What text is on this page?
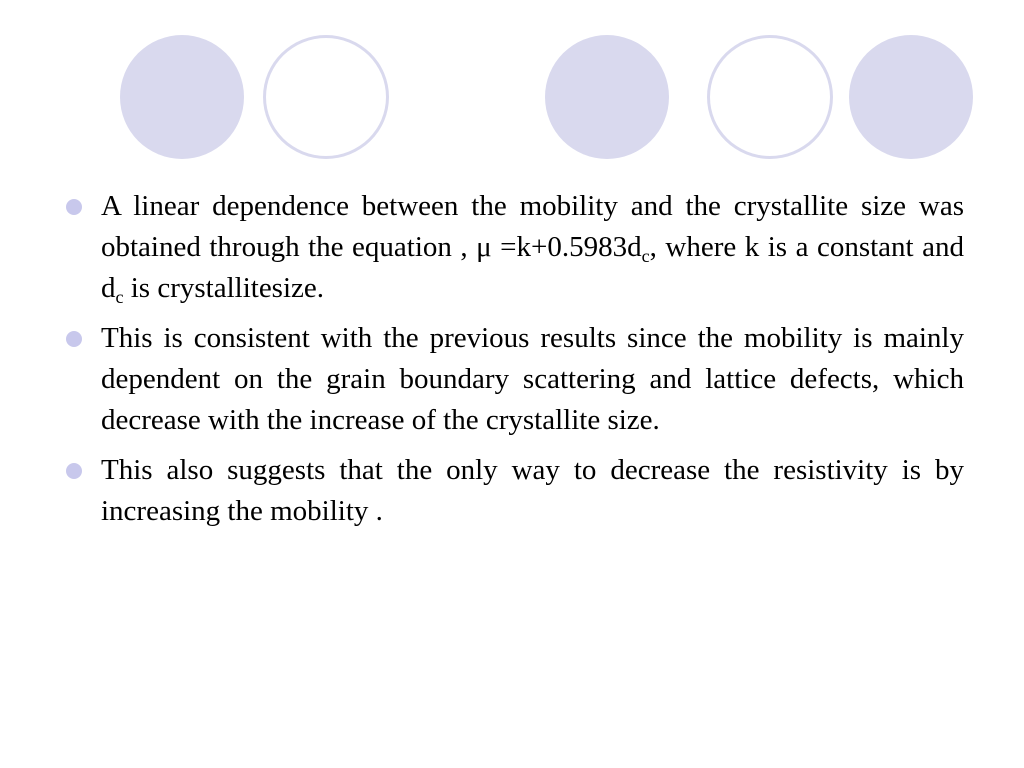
A linear dependence between the mobility and the crystallite size was obtained through the equation , $\mu =k+0.5983d_c$, where k is a constant and $d_c$ is crystallitesize.
This is consistent with the previous results since the mobility is mainly dependent on the grain boundary scattering and lattice defects, which decrease with the increase of the crystallite size.
This also suggests that the only way to decrease the resistivity is by increasing the mobility .
